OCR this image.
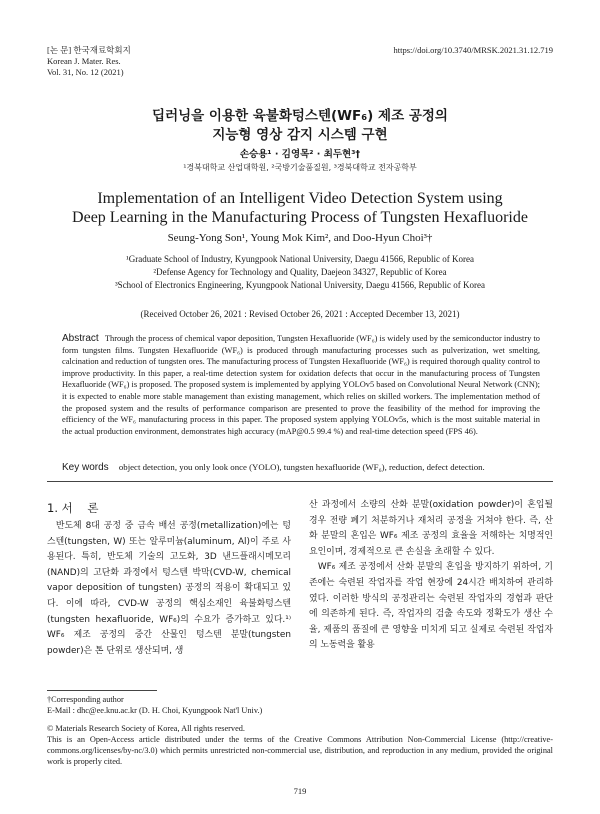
[논 문] 한국재료학회지
Korean J. Mater. Res.
Vol. 31, No. 12 (2021)
https://doi.org/10.3740/MRSK.2021.31.12.719
딥러닝을 이용한 육불화텅스텐(WF₆) 제조 공정의
지능형 영상 감지 시스템 구현
손승용¹ · 김영목² · 최두현³†
¹경북대학교 산업대학원, ²국방기술품질원, ³경북대학교 전자공학부
Implementation of an Intelligent Video Detection System using
Deep Learning in the Manufacturing Process of Tungsten Hexafluoride
Seung-Yong Son¹, Young Mok Kim², and Doo-Hyun Choi³†
¹Graduate School of Industry, Kyungpook National University, Daegu 41566, Republic of Korea
²Defense Agency for Technology and Quality, Daejeon 34327, Republic of Korea
³School of Electronics Engineering, Kyungpook National University, Daegu 41566, Republic of Korea
(Received October 26, 2021 : Revised October 26, 2021 : Accepted December 13, 2021)
Abstract Through the process of chemical vapor deposition, Tungsten Hexafluoride (WF₆) is widely used by the semiconductor industry to form tungsten films. Tungsten Hexafluoride (WF₆) is produced through manufacturing processes such as pulverization, wet smelting, calcination and reduction of tungsten ores. The manufacturing process of Tungsten Hexafluoride (WF₆) is required thorough quality control to improve productivity. In this paper, a real-time detection system for oxidation defects that occur in the manufacturing process of Tungsten Hexafluoride (WF₆) is proposed. The proposed system is implemented by applying YOLOv5 based on Convolutional Neural Network (CNN); it is expected to enable more stable management than existing management, which relies on skilled workers. The implementation method of the proposed system and the results of performance comparison are presented to prove the feasibility of the method for improving the efficiency of the WF₆ manufacturing process in this paper. The proposed system applying YOLOv5s, which is the most suitable material in the actual production environment, demonstrates high accuracy (mAP@0.5 99.4 %) and real-time detection speed (FPS 46).
Key words object detection, you only look once (YOLO), tungsten hexafluoride (WF₆), reduction, defect detection.
1. 서    론

반도체 8대 공정 중 금속 배선 공정(metallization)에는 텅스텐(tungsten, W) 또는 알루미늄(aluminum, Al)이 주로 사용된다. 특히, 반도체 기술의 고도화, 3D 낸드플래시메모리(NAND)의 고단화 과정에서 텅스텐 박막(CVD-W, chemical vapor deposition of tungsten) 공정의 적용이 확대되고 있다. 이에 따라, CVD-W 공정의 핵심소재인 육불화텅스텐(tungsten hexafluoride, WF₆)의 수요가 증가하고 있다.¹⁾ WF₆ 제조 공정의 중간 산물인 텅스텐 분말(tungsten powder)은 톤 단위로 생산되며, 생

산 과정에서 소량의 산화 분말(oxidation powder)이 혼입될 경우 전량 폐기 처분하거나 재처리 공정을 거쳐야 한다. 즉, 산화 분말의 혼입은 WF₆ 제조 공정의 효율을 저해하는 치명적인 요인이며, 경제적으로 큰 손실을 초래할 수 있다.

WF₆ 제조 공정에서 산화 분말의 혼입을 방지하기 위하여, 기존에는 숙련된 작업자를 작업 현장에 24시간 배치하여 관리하였다. 이러한 방식의 공정관리는 숙련된 작업자의 경험과 판단에 의존하게 된다. 즉, 작업자의 검출 속도와 정확도가 생산 수율, 제품의 품질에 큰 영향을 미치게 되고 실제로 숙련된 작업자의 노동력을 활용

†Corresponding author
E-Mail : dhc@ee.knu.ac.kr (D. H. Choi, Kyungpook Nat'l Univ.)
© Materials Research Society of Korea, All rights reserved.
This is an Open-Access article distributed under the terms of the Creative Commons Attribution Non-Commercial License (http://creative-commons.org/licenses/by-nc/3.0) which permits unrestricted non-commercial use, distribution, and reproduction in any medium, provided the original work is properly cited.
719
